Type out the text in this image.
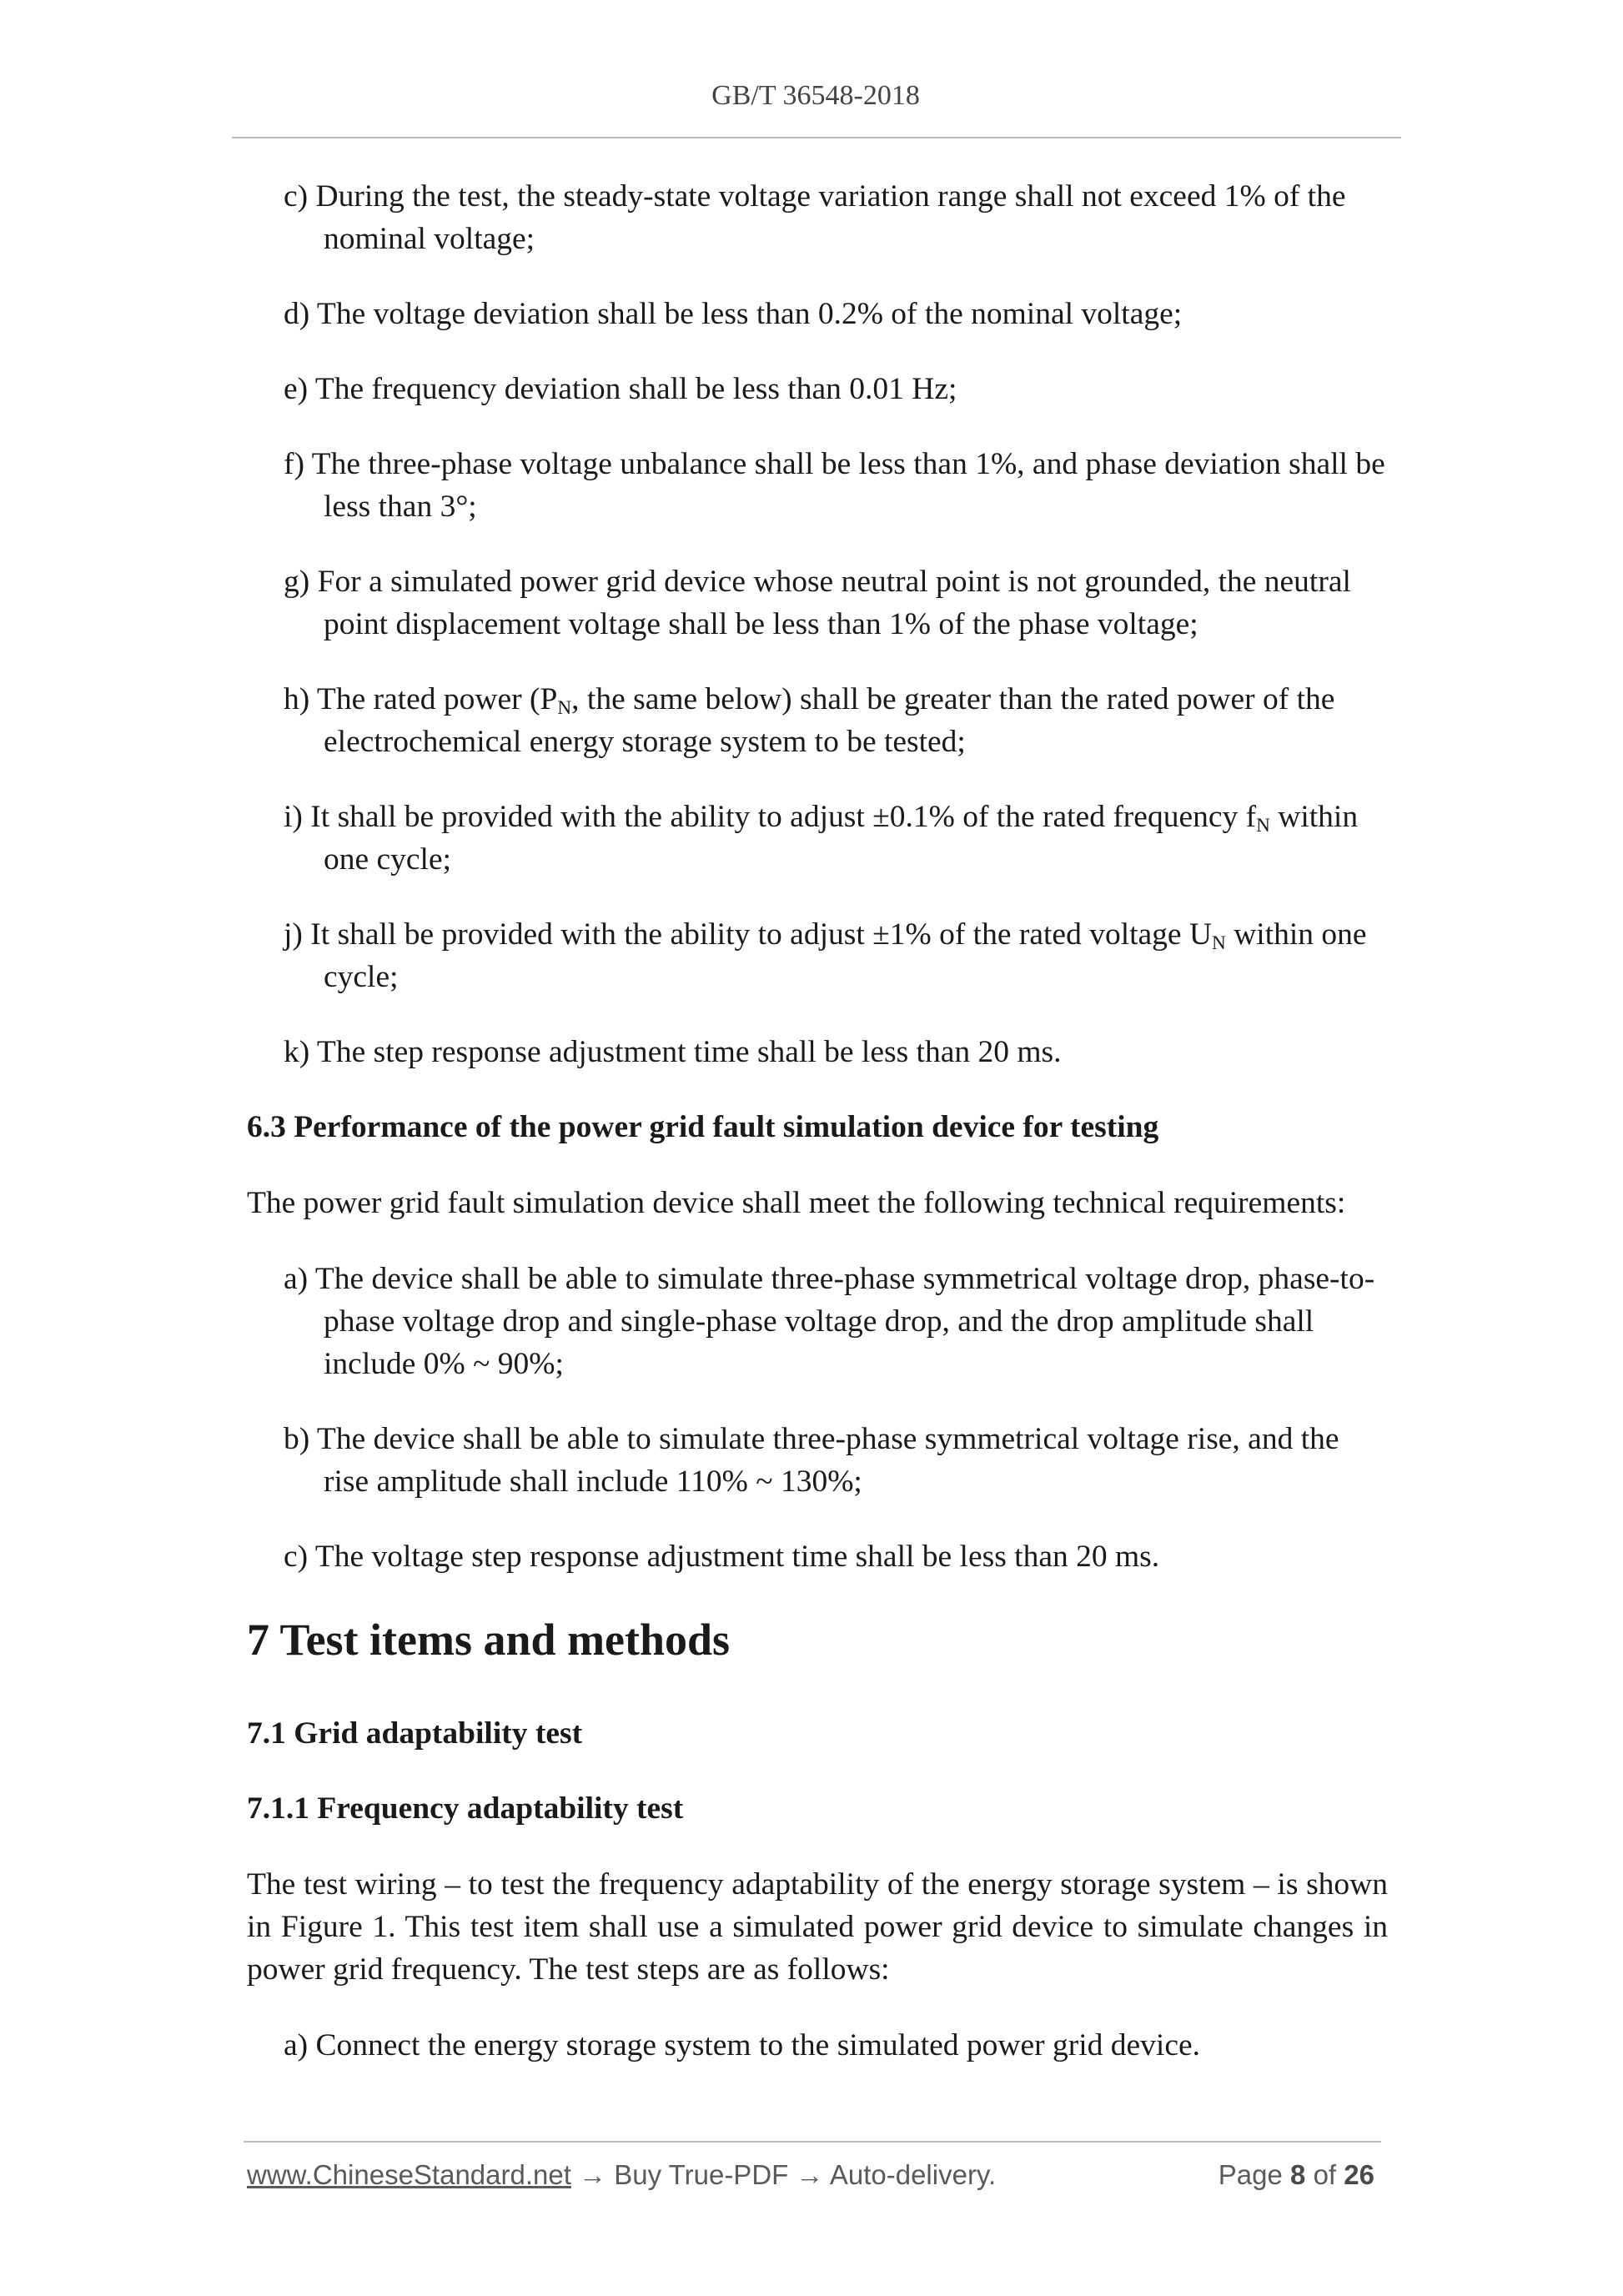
GB/T 36548-2018

c) During the test, the steady-state voltage variation range shall not exceed 1% of the nominal voltage;

d) The voltage deviation shall be less than 0.2% of the nominal voltage;

e) The frequency deviation shall be less than 0.01 Hz;

f) The three-phase voltage unbalance shall be less than 1%, and phase deviation shall be less than 3°;

g) For a simulated power grid device whose neutral point is not grounded, the neutral point displacement voltage shall be less than 1% of the phase voltage;

h) The rated power ($P_N$, the same below) shall be greater than the rated power of the electrochemical energy storage system to be tested;

i) It shall be provided with the ability to adjust ±0.1% of the rated frequency $f_N$ within one cycle;

j) It shall be provided with the ability to adjust ±1% of the rated voltage $U_N$ within one cycle;

k) The step response adjustment time shall be less than 20 ms.

6.3 Performance of the power grid fault simulation device for testing

The power grid fault simulation device shall meet the following technical requirements:

a) The device shall be able to simulate three-phase symmetrical voltage drop, phase-to-phase voltage drop and single-phase voltage drop, and the drop amplitude shall include 0% ~ 90%;

b) The device shall be able to simulate three-phase symmetrical voltage rise, and the rise amplitude shall include 110% ~ 130%;

c) The voltage step response adjustment time shall be less than 20 ms.

7 Test items and methods

7.1 Grid adaptability test

7.1.1 Frequency adaptability test

The test wiring – to test the frequency adaptability of the energy storage system – is shown in Figure 1. This test item shall use a simulated power grid device to simulate changes in power grid frequency. The test steps are as follows:

a) Connect the energy storage system to the simulated power grid device.

www.ChineseStandard.net → Buy True-PDF → Auto-delivery.	Page 8 of 26
